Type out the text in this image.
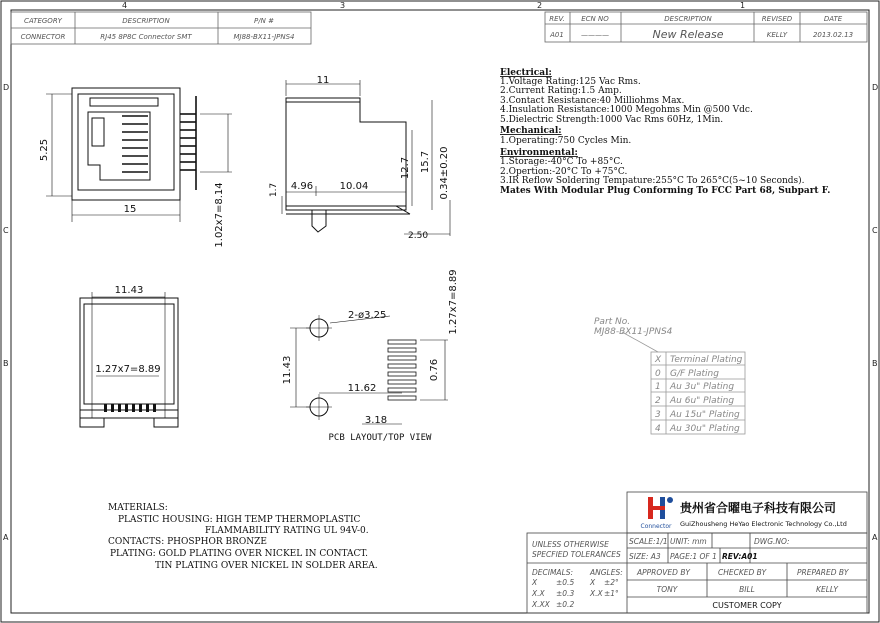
4	3	2	1
D
C
B
A
D
C
B
A
CATEGORY	DESCRIPTION	P/N #
CONNECTOR	RJ45 8P8C Connector SMT	MJ88-BX11-JPNS4
REV. ECN NO	DESCRIPTION	REVISED	DATE
A01 ————	New Release	KELLY	2013.02.13
Electrical:
1.Voltage Rating:125 Vac Rms.
2.Current Rating:1.5 Amp.
3.Contact Resistance:40 Milliohms Max.
4.Insulation Resistance:1000 Megohms Min @500 Vdc.
5.Dielectric Strength:1000 Vac Rms 60Hz, 1Min.
Mechanical:
1.Operating:750 Cycles Min.
Environmental:
1.Storage:-40°C To +85°C.
2.Opertion:-20°C To +75°C.
3.IR Reflow Soldering Tempature:255°C To 265°C(5~10 Seconds).
Mates With Modular Plug Conforming To FCC Part 68, Subpart F.
5.25
15	1.02x7=8.14
11
4.96	10.04
12.7 15.7 0.34±0.20
1.7
2.50
11.43
1.27x7=8.89
2-ø3.25
11.43
11.62
0.76
3.18
1.27x7=8.89
PCB LAYOUT/TOP VIEW
Part No.
MJ88-BX11-JPNS4
X Terminal Plating
0 G/F Plating
1 Au 3u" Plating
2 Au 6u" Plating
3 Au 15u" Plating
4 Au 30u" Plating
MATERIALS:
PLASTIC HOUSING: HIGH TEMP THERMOPLASTIC
FLAMMABILITY RATING UL 94V-0.
CONTACTS: PHOSPHOR BRONZE
PLATING: GOLD PLATING OVER NICKEL IN CONTACT.
TIN PLATING OVER NICKEL IN SOLDER AREA.
Connector
贵州省合曜电子科技有限公司
GuiZhousheng HeYao Electronic Technology Co.,Ltd
UNLESS OTHERWISE
SPECFIED TOLERANCES
SCALE:1/1 UNIT: mm	DWG.NO:
SIZE: A3 PAGE:1 OF 1 REV:A01
DECIMALS: ANGLES:
X	±0.5 X ±2°
X.X ±0.3 X.X ±1°
X.XX ±0.2
APPROVED BY	CHECKED BY	PREPARED BY
TONY	BILL	KELLY
CUSTOMER COPY
